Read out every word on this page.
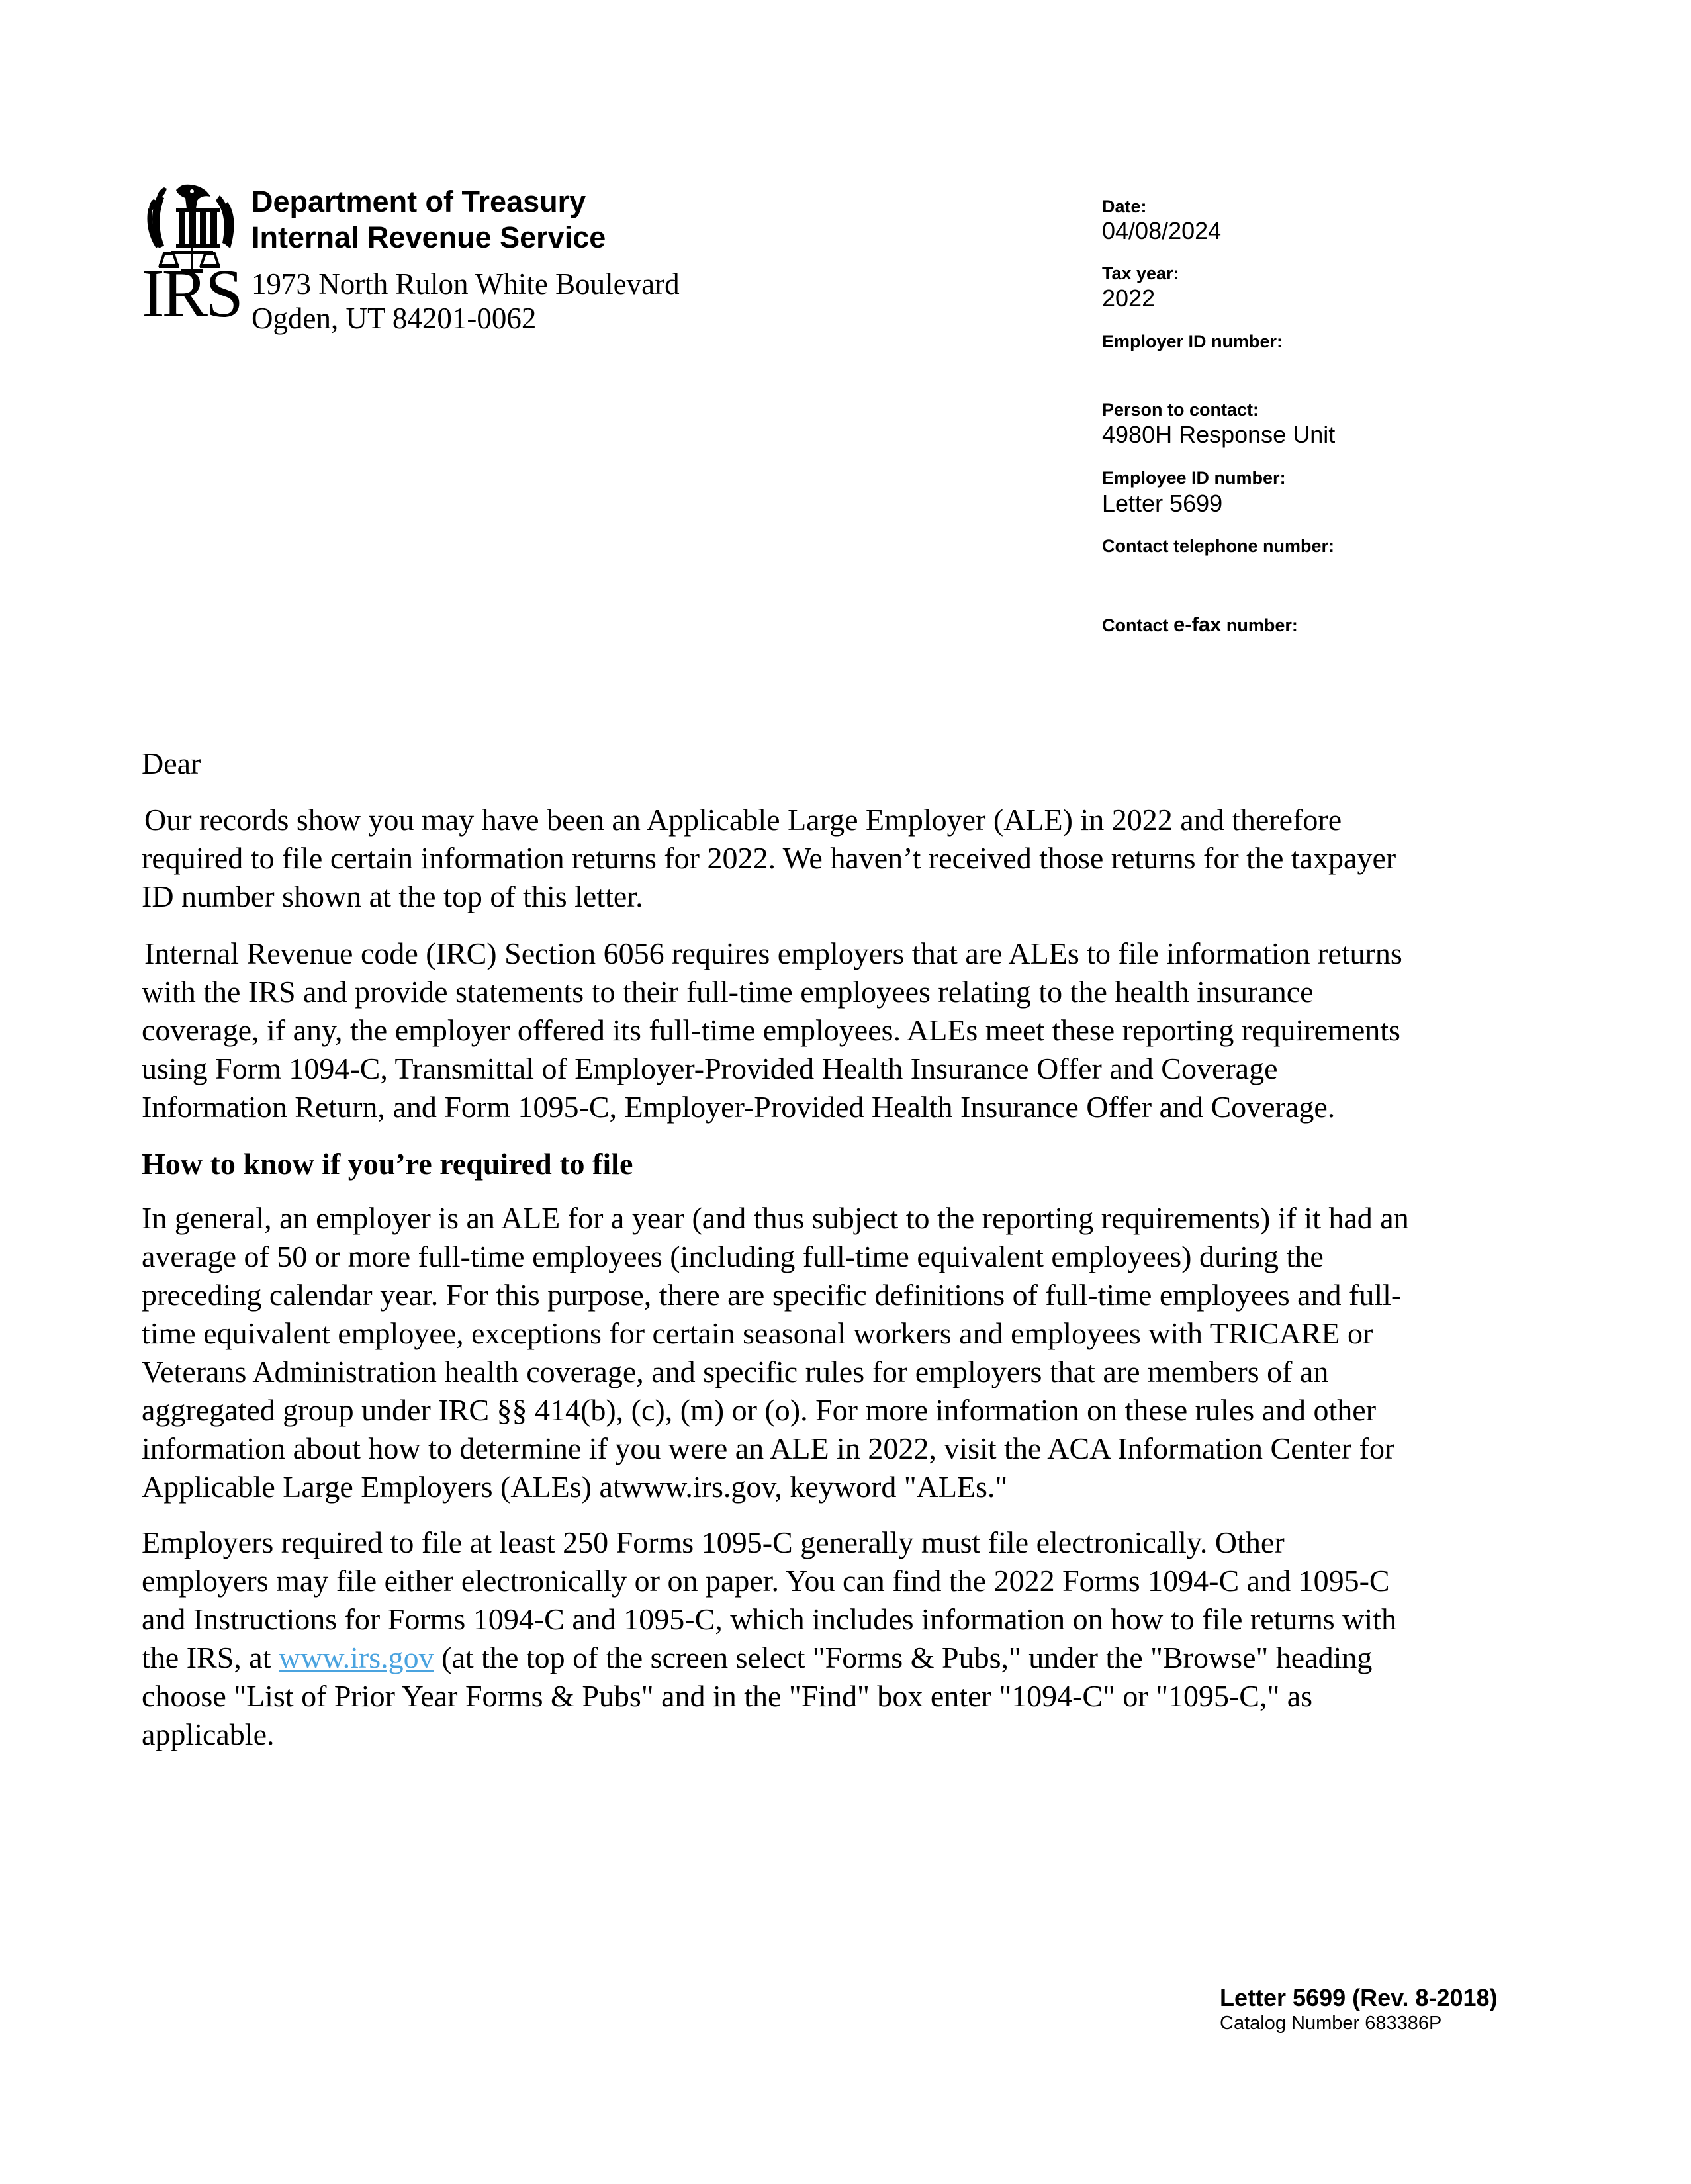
IRS
Department of Treasury
Internal Revenue Service
1973 North Rulon White Boulevard
Ogden, UT 84201-0062
Date:
04/08/2024
Tax year:
2022
Employer ID number:
Person to contact:
4980H Response Unit
Employee ID number:
Letter 5699
Contact telephone number:
Contact e-fax number:
Dear
Our records show you may have been an Applicable Large Employer (ALE) in 2022 and therefore
required to file certain information returns for 2022. We haven’t received those returns for the taxpayer
ID number shown at the top of this letter.
Internal Revenue code (IRC) Section 6056 requires employers that are ALEs to file information returns
with the IRS and provide statements to their full-time employees relating to the health insurance
coverage, if any, the employer offered its full-time employees. ALEs meet these reporting requirements
using Form 1094-C, Transmittal of Employer-Provided Health Insurance Offer and Coverage
Information Return, and Form 1095-C, Employer-Provided Health Insurance Offer and Coverage.
How to know if you’re required to file
In general, an employer is an ALE for a year (and thus subject to the reporting requirements) if it had an
average of 50 or more full-time employees (including full-time equivalent employees) during the
preceding calendar year. For this purpose, there are specific definitions of full-time employees and full-
time equivalent employee, exceptions for certain seasonal workers and employees with TRICARE or
Veterans Administration health coverage, and specific rules for employers that are members of an
aggregated group under IRC §§ 414(b), (c), (m) or (o). For more information on these rules and other
information about how to determine if you were an ALE in 2022, visit the ACA Information Center for
Applicable Large Employers (ALEs) atwww.irs.gov, keyword "ALEs."
Employers required to file at least 250 Forms 1095-C generally must file electronically. Other
employers may file either electronically or on paper. You can find the 2022 Forms 1094-C and 1095-C
and Instructions for Forms 1094-C and 1095-C, which includes information on how to file returns with
the IRS, at www.irs.gov (at the top of the screen select "Forms & Pubs," under the "Browse" heading
choose "List of Prior Year Forms & Pubs" and in the "Find" box enter "1094-C" or "1095-C," as
applicable.
Letter 5699 (Rev. 8-2018)
Catalog Number 683386P
